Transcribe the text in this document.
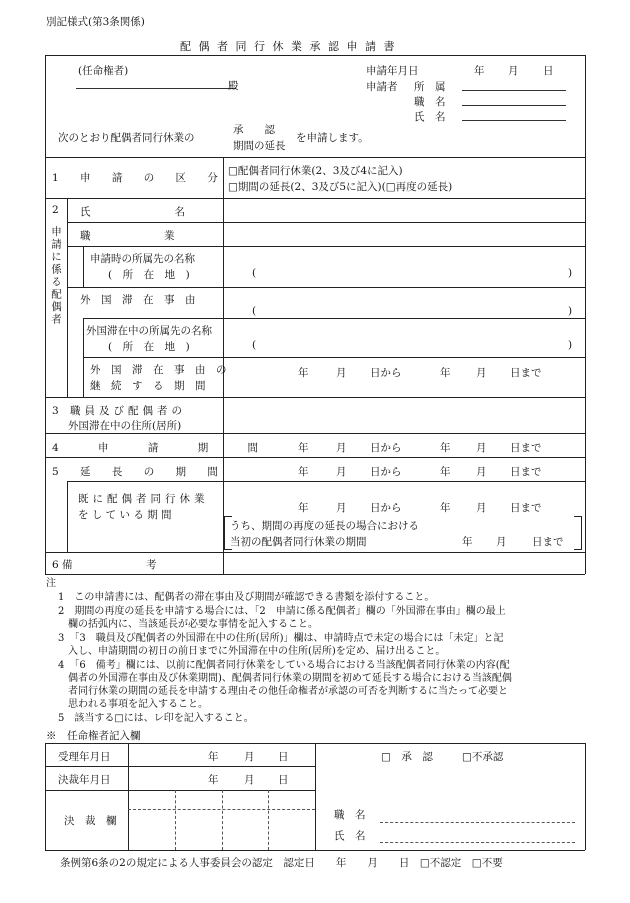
別記様式(第3条関係)
配 偶 者 同 行 休 業 承 認 申 請 書
(任命権者)
殿
申請年月日	年 月 日
申請者 所　属
職　名
氏　名
次のとおり配偶者同行休業の
承　　認
期間の延長
を申請します。
1 申 請 の 区 分
□配偶者同行休業(2、3及び4に記入)
□期間の延長(2、3及び5に記入)(□再度の延長)
2
申請に係る配偶者
氏　　　　　　　　名
職　　　　　　　業
申請時の所属先の名称
(　所　在　地　)	(	)
外　国　滞　在　事　由
(	)
外国滞在中の所属先の名称
(　所　在　地　)	(	)
外　国　滞　在　事　由　の
継　続　す　る　期　間
年	月 日から	年 月 日まで
3 職員及び配偶者の
外国滞在中の住所(居所)
4 申 請 期 間 年	月 日から	年 月 日まで
5 延 長 の 期 間	年	月 日から	年 月 日まで
既に配偶者同行休業
を し て い る 期 間
年	月 日から	年 月 日まで
うち、期間の再度の延長の場合における
当初の配偶者同行休業の期間	年 月 日まで
6 備　　　　　　　考
注
1　この申請書には、配偶者の滞在事由及び期間が確認できる書類を添付すること。
2　期間の再度の延長を申請する場合には、「2　申請に係る配偶者」欄の「外国滞在事由」欄の最上
欄の括弧内に、当該延長が必要な事情を記入すること。
3　「3　職員及び配偶者の外国滞在中の住所(居所)」欄は、申請時点で未定の場合には「未定」と記
入し、申請期間の初日の前日までに外国滞在中の住所(居所)を定め、届け出ること。
4　「6　備考」欄には、以前に配偶者同行休業をしている場合における当該配偶者同行休業の内容(配
偶者の外国滞在事由及び休業期間)、配偶者同行休業の期間を初めて延長する場合における当該配偶
者同行休業の期間の延長を申請する理由その他任命権者が承認の可否を判断するに当たって必要と
思われる事項を記入すること。
5　該当する□には、レ印を記入すること。
※　任命権者記入欄
受理年月日	年 月 日
決裁年月日	年 月 日
決　裁　欄
□　承　認	□不承認
職　名
氏　名
条例第6条の2の規定による人事委員会の認定　認定日　　年　　月　　日　□不認定　□不要
